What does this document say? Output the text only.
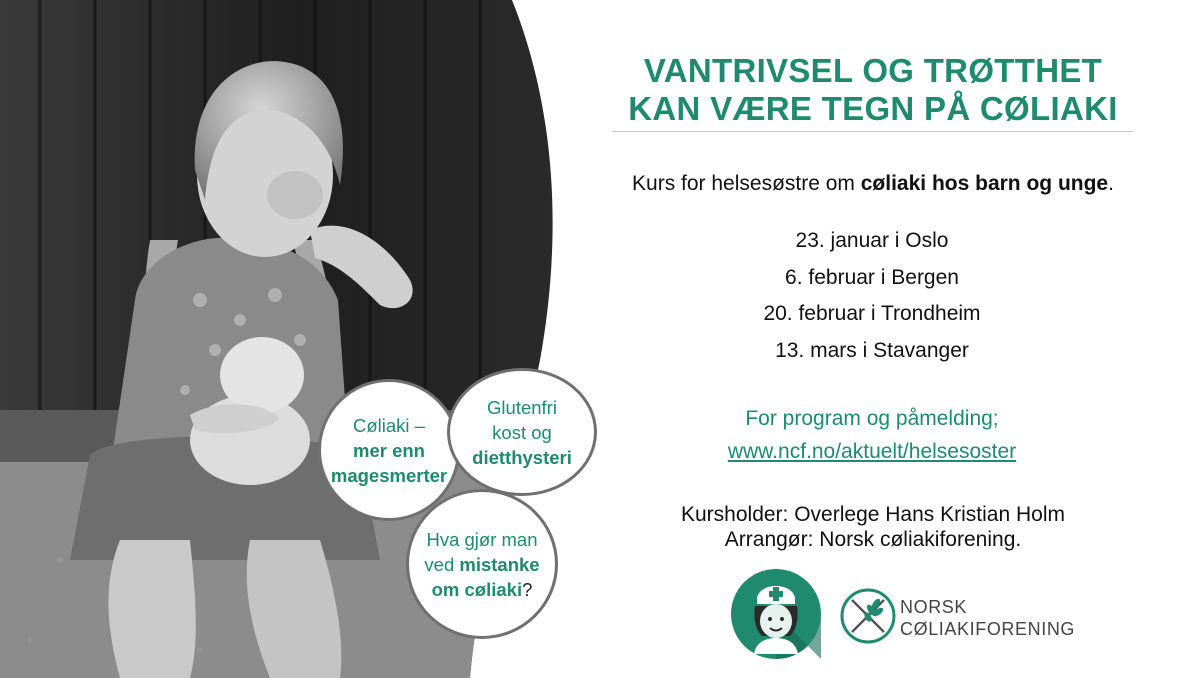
VANTRIVSEL OG TRØTTHET
KAN VÆRE TEGN PÅ CØLIAKI

Kurs for helsesøstre om cøliaki hos barn og unge.

23. januar i Oslo
6. februar i Bergen
20. februar i Trondheim
13. mars i Stavanger

For program og påmelding;

www.ncf.no/aktuelt/helsesoster
Kursholder: Overlege Hans Kristian Holm
Arrangør: Norsk cøliakiforening.
Cøliaki –
mer enn
magesmerter
Glutenfri
kost og
dietthysteri
Hva gjør man
ved mistanke
om cøliaki?
NORSK
CØLIAKIFORENING
